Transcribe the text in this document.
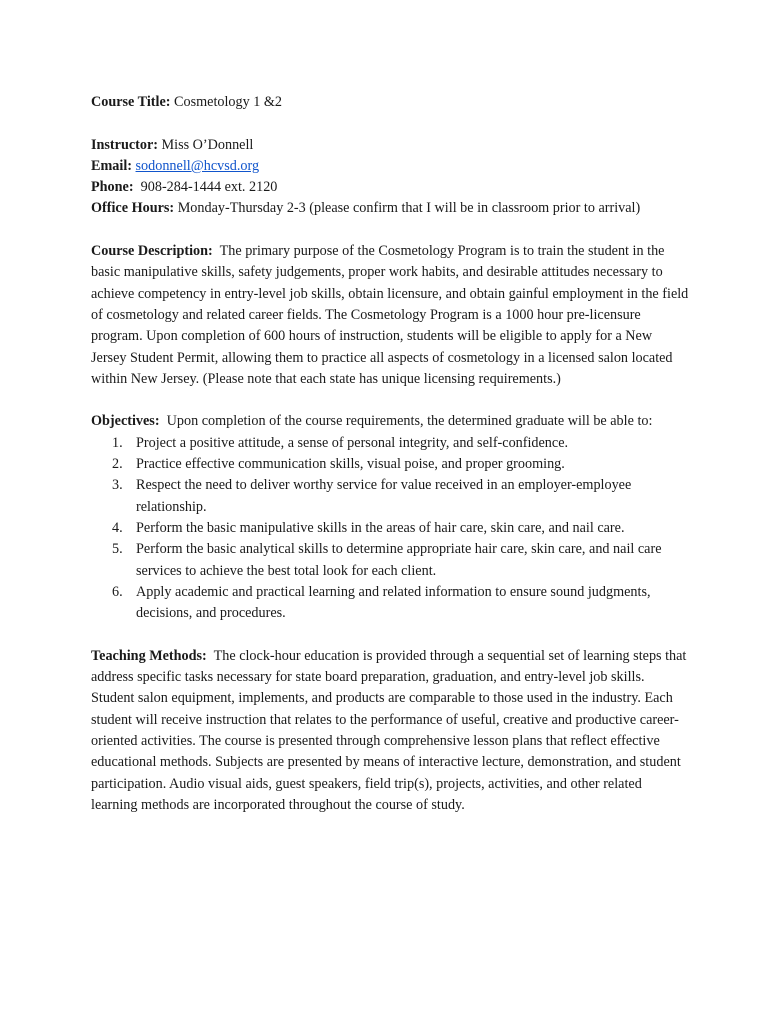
Course Title: Cosmetology 1 &2

Instructor: Miss O’Donnell

Email: sodonnell@hcvsd.org

Phone: 908-284-1444 ext. 2120

Office Hours: Monday-Thursday 2-3 (please confirm that I will be in classroom prior to arrival)

Course Description: The primary purpose of the Cosmetology Program is to train the student in the basic manipulative skills, safety judgements, proper work habits, and desirable attitudes necessary to achieve competency in entry-level job skills, obtain licensure, and obtain gainful employment in the field of cosmetology and related career fields. The Cosmetology Program is a 1000 hour pre-licensure program. Upon completion of 600 hours of instruction, students will be eligible to apply for a New Jersey Student Permit, allowing them to practice all aspects of cosmetology in a licensed salon located within New Jersey. (Please note that each state has unique licensing requirements.)

Objectives: Upon completion of the course requirements, the determined graduate will be able to:

1. Project a positive attitude, a sense of personal integrity, and self-confidence.
2. Practice effective communication skills, visual poise, and proper grooming.
3. Respect the need to deliver worthy service for value received in an employer-employee relationship.
4. Perform the basic manipulative skills in the areas of hair care, skin care, and nail care.
5. Perform the basic analytical skills to determine appropriate hair care, skin care, and nail care services to achieve the best total look for each client.
6. Apply academic and practical learning and related information to ensure sound judgments, decisions, and procedures.

Teaching Methods: The clock-hour education is provided through a sequential set of learning steps that address specific tasks necessary for state board preparation, graduation, and entry-level job skills. Student salon equipment, implements, and products are comparable to those used in the industry. Each student will receive instruction that relates to the performance of useful, creative and productive career-oriented activities. The course is presented through comprehensive lesson plans that reflect effective educational methods. Subjects are presented by means of interactive lecture, demonstration, and student participation. Audio visual aids, guest speakers, field trip(s), projects, activities, and other related learning methods are incorporated throughout the course of study.
